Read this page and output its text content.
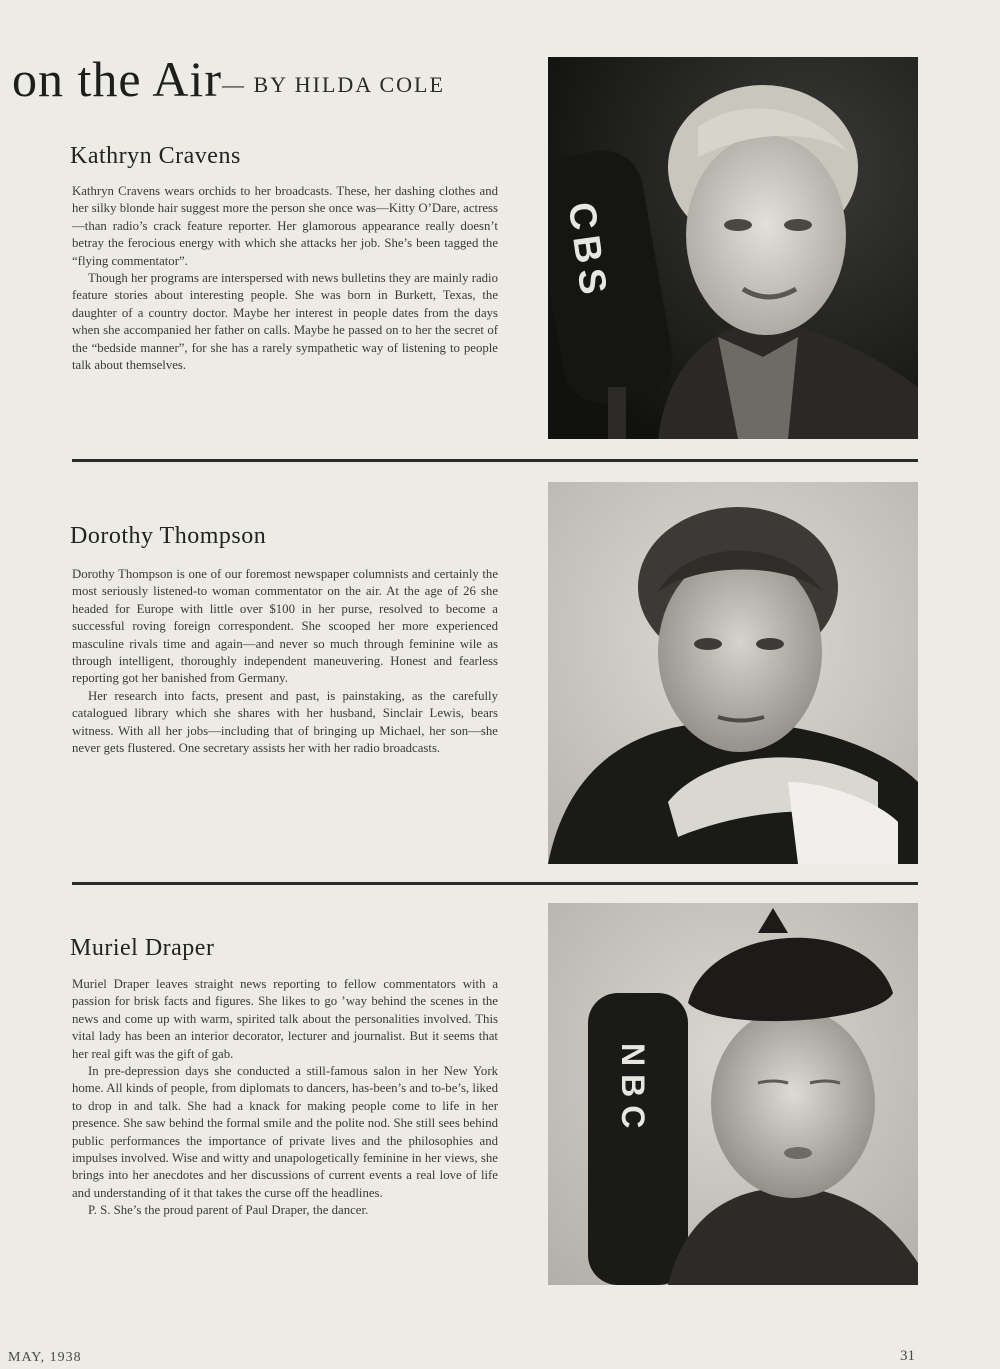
on the Air— BY HILDA COLE
Kathryn Cravens

Kathryn Cravens wears orchids to her broadcasts. These, her dashing clothes and her silky blonde hair suggest more the person she once was—Kitty O’Dare, actress—than radio’s crack feature reporter. Her glamorous appearance really doesn’t betray the ferocious energy with which she attacks her job. She’s been tagged the “flying commentator”.

Though her programs are interspersed with news bulletins they are mainly radio feature stories about interesting people. She was born in Burkett, Texas, the daughter of a country doctor. Maybe her interest in people dates from the days when she accompanied her father on calls. Maybe he passed on to her the secret of the “bedside manner”, for she has a rarely sympathetic way of listening to people talk about themselves.

CBS
Dorothy Thompson

Dorothy Thompson is one of our foremost newspaper columnists and certainly the most seriously listened-to woman commentator on the air. At the age of 26 she headed for Europe with little over $100 in her purse, resolved to become a successful roving foreign correspondent. She scooped her more experienced masculine rivals time and again—and never so much through feminine wile as through intelligent, thoroughly independent maneuvering. Honest and fearless reporting got her banished from Germany.

Her research into facts, present and past, is painstaking, as the carefully catalogued library which she shares with her husband, Sinclair Lewis, bears witness. With all her jobs—including that of bringing up Michael, her son—she never gets flustered. One secretary assists her with her radio broadcasts.

Muriel Draper

Muriel Draper leaves straight news reporting to fellow commentators with a passion for brisk facts and figures. She likes to go ’way behind the scenes in the news and come up with warm, spirited talk about the personalities involved. This vital lady has been an interior decorator, lecturer and journalist. But it seems that her real gift was the gift of gab.

In pre-depression days she conducted a still-famous salon in her New York home. All kinds of people, from diplomats to dancers, has-been’s and to-be’s, liked to drop in and talk. She had a knack for making people come to life in her presence. She saw behind the formal smile and the polite nod. She still sees behind public performances the importance of private lives and the philosophies and impulses involved. Wise and witty and unapologetically feminine in her views, she brings into her anecdotes and her discussions of current events a real love of life and understanding of it that takes the curse off the headlines.

P. S. She’s the proud parent of Paul Draper, the dancer.

NBC
MAY, 1938	31
